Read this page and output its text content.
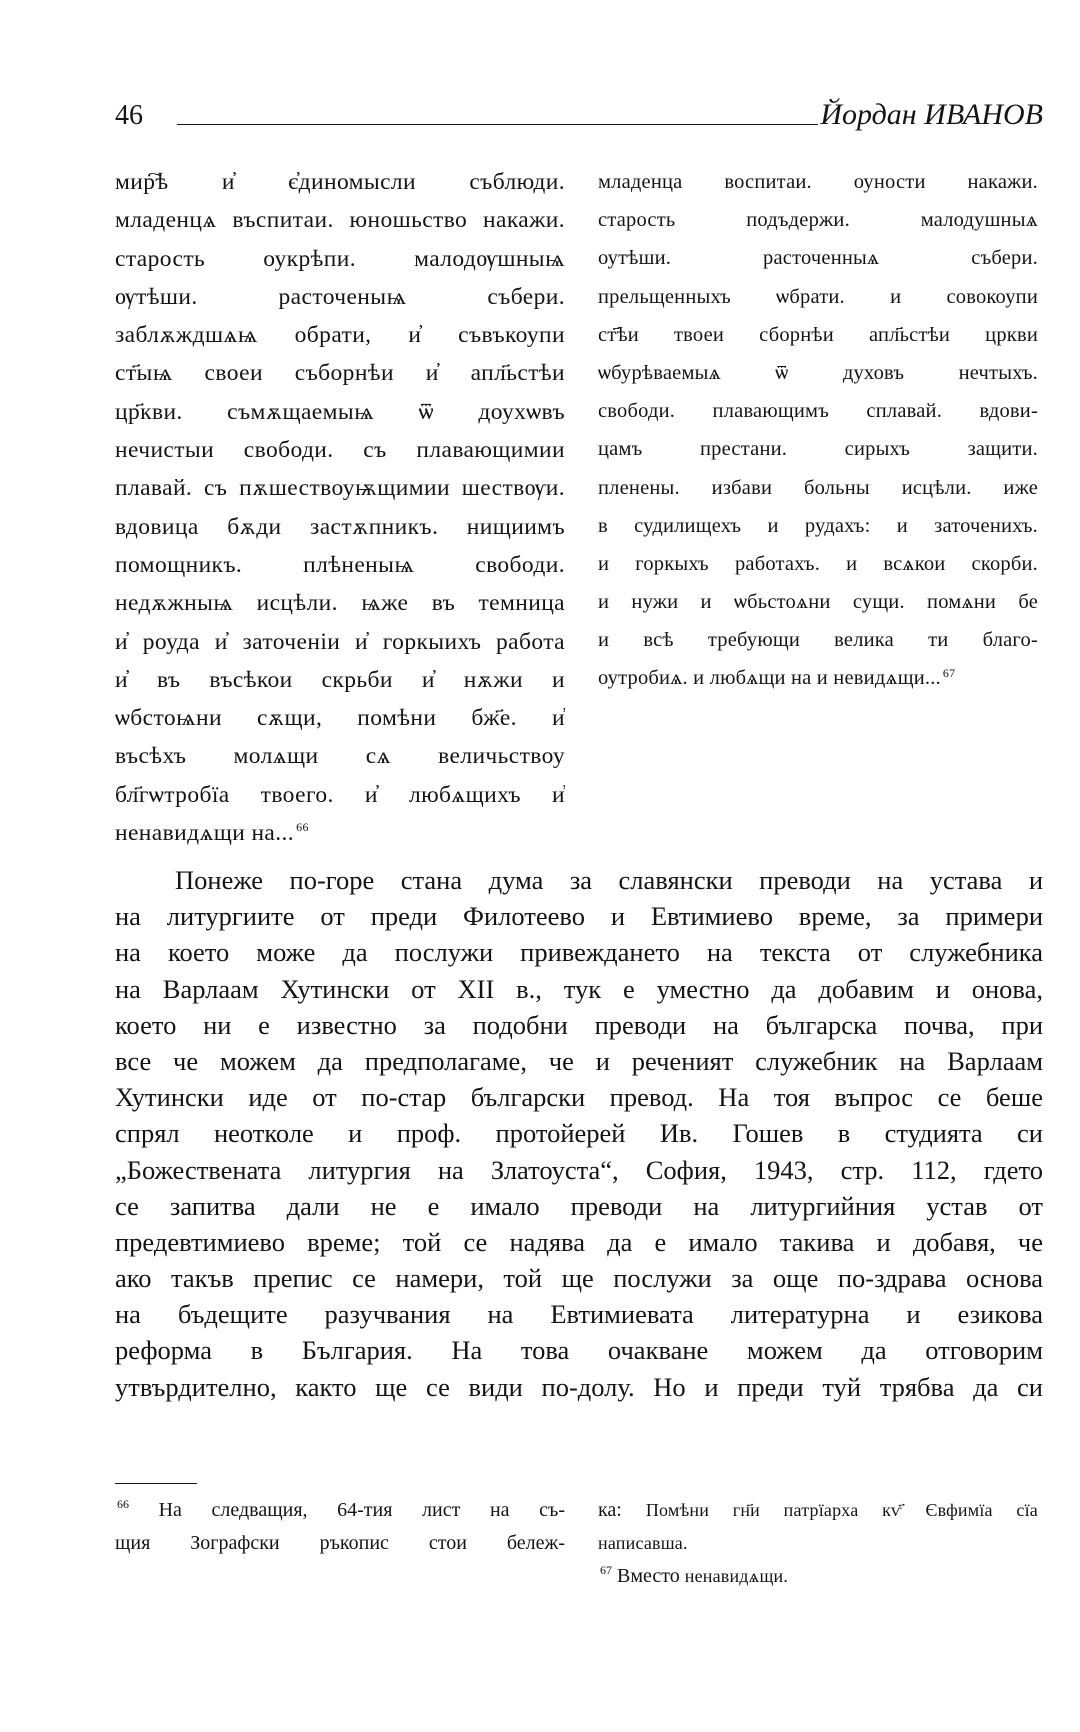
46	Йордан ИВАНОВ
мир҇ѣ и҆ є҆диномысли съблюди.
младенцѧ въспитаи. юношьство накажи.
старость оукрѣпи. малодѹшныѩ
ѹтѣши. расточеныѩ събери.
заблѫждшѧѩ обрати, и҆ съвъкоупи
ст҃ыѩ своеи съборнѣи и҆ апл҃ьстѣи
цр҃кви. съмѫщаемыѩ ѿ доухѡвъ
нечистыи свободи. съ плавающимии
плавай. съ пѫшествоуѭщимии шествѹи.
вдовица бѫди застѫпникъ. нищиимъ
помощникъ. плѣненыѩ свободи.
недѫжныѩ исцѣли. ѩже въ темница
и҆ роуда и҆ заточеніи и҆ горкыихъ работа
и҆ въ въсѣкои скрьби и҆ нѫжи и
ѡбстоѩни сѫщи, помѣни бж҃е. и҆
въсѣхъ молѧщи сѧ величьствоу
бл҃гѡтробїа твоего. и҆ любѧщихъ и҆
ненавидѧщи на... $^{66}$
младенца воспитаи. оуности накажи.
старость подъдержи. малодушныѧ
оутѣши. расточенныѧ събери.
прельщенныхъ ѡбрати. и совокоупи
ст҃ѣи твоеи сборнѣи апл҃ьстѣи цркви
ѡбурѣваемыѧ ѿ духовъ нечтыхъ.
свободи. плавающимъ сплавай. вдови-
цамъ престани. сирыхъ защити.
пленены. избави больны исцѣли. иже
в судилищехъ и рудахъ: и заточенихъ.
и горкыхъ работахъ. и всѧкои скорби.
и нужи и ѡбьстоѧни сущи. помѧни бе
и всѣ требующи велика ти благо-
оутробиѧ. и любѧщи на и невидѧщи... $^{67}$
Понеже по-горе стана дума за славянски преводи на устава и
на литургиите от преди Филотеево и Евтимиево време, за примери
на което може да послужи привеждането на текста от служебника
на Варлаам Хутински от XII в., тук е уместно да добавим и онова,
което ни е известно за подобни преводи на българска почва, при
все че можем да предполагаме, че и речeният служебник на Варлаам
Хутински иде от по-стар български превод. На тоя въпрос се беше
спрял неотколе и проф. протойерей Ив. Гошев в студията си
„Божествената литургия на Златоуста“, София, 1943, стр. 112, гдето
се запитва дали не е имало преводи на литургийния устав от
предевтимиево време; той се надява да е имало такива и добавя, че
ако такъв препис се намери, той ще послужи за още по-здрава основа
на бъдещите разучвания на Евтимиевата литературна и езикова
реформа в България. На това очакване можем да отговорим
утвърдително, както ще се види по-долу. Но и преди туй трябва да си
$^{66}$ На следващия, 64-тия лист на съ-
щия Зографски ръкопис стои бележ-
ка: Помѣни гн҃и патрїарха кѵ҃ Євфимїа сїа
написавша.
$^{67}$ Вместо ненавидѧщи.
